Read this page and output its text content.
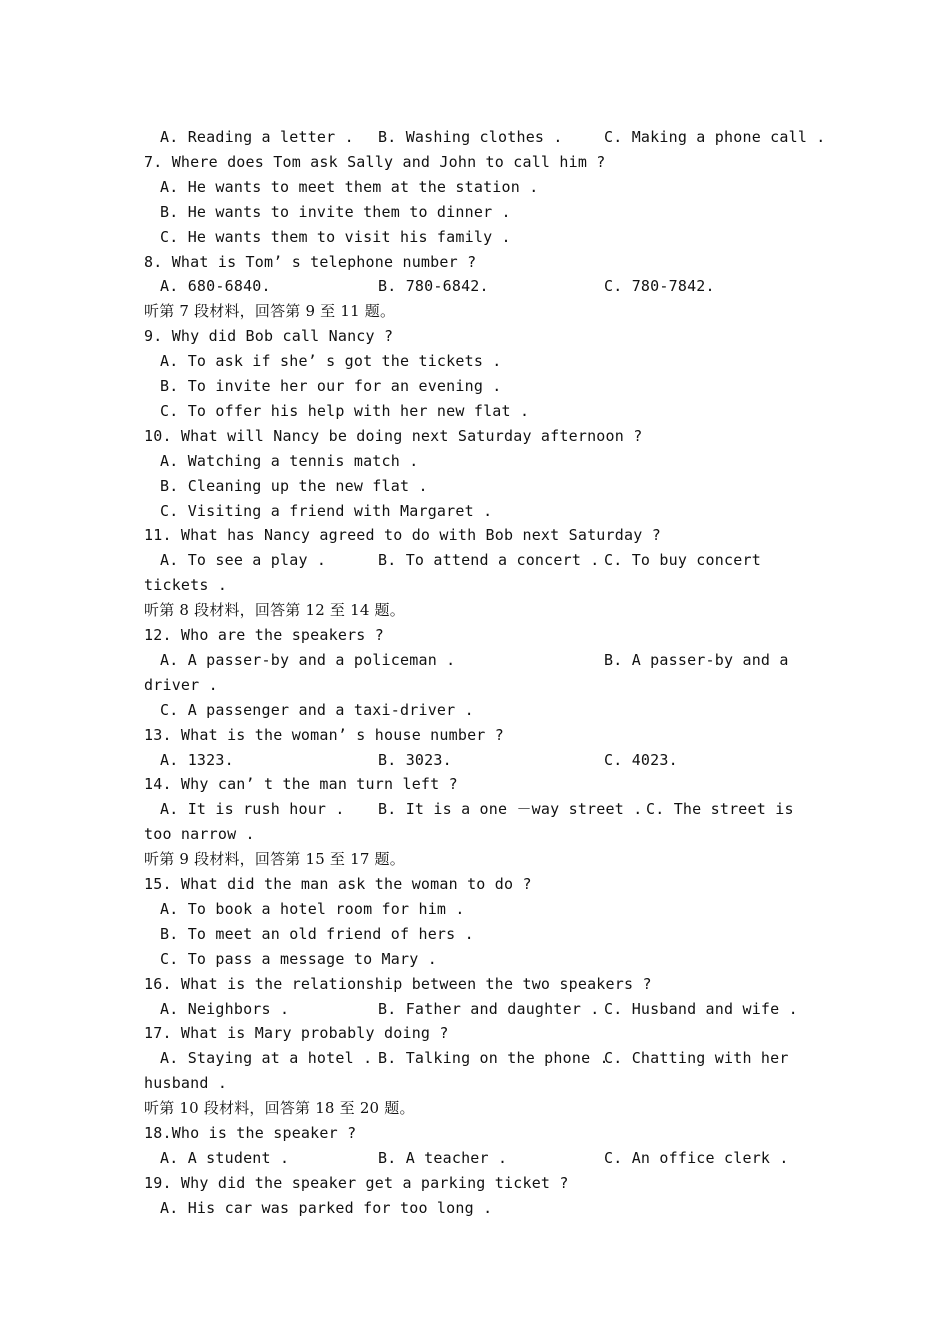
A. Reading a letter . B. Washing clothes .	C. Making a phone call .
7. Where does Tom ask Sally and John to call him ?
A. He wants to meet them at the station .
B. He wants to invite them to dinner .
C. He wants them to visit his family .
8. What is Tom’ s telephone number ?
A. 680-6840.	B. 780-6842.	C. 780-7842.
听第 7 段材料，回答第 9 至 11 题。
9. Why did Bob call Nancy ?
A. To ask if she’ s got the tickets .
B. To invite her our for an evening .
C. To offer his help with her new flat .
10. What will Nancy be doing next Saturday afternoon ?
A. Watching a tennis match .
B. Cleaning up the new flat .
C. Visiting a friend with Margaret .
11. What has Nancy agreed to do with Bob next Saturday ?
A. To see a play .	B. To attend a concert . C. To buy concert
tickets .
听第 8 段材料，回答第 12 至 14 题。
12. Who are the speakers ?
A. A passer-by and a policeman .	B. A passer-by and a
driver .
C. A passenger and a taxi-driver .
13. What is the woman’ s house number ?
A. 1323.	B. 3023.	C. 4023.
14. Why can’ t the man turn left ?
A. It is rush hour . B. It is a one －way street . C. The street is
too narrow .
听第 9 段材料，回答第 15 至 17 题。
15. What did the man ask the woman to do ?
A. To book a hotel room for him .
B. To meet an old friend of hers .
C. To pass a message to Mary .
16. What is the relationship between the two speakers ?
A. Neighbors .	B. Father and daughter . C. Husband and wife .
17. What is Mary probably doing ?
A. Staying at a hotel . B. Talking on the phone .
C. Chatting with her
husband .
听第 10 段材料，回答第 18 至 20 题。
18.Who is the speaker ?
A. A student .	B. A teacher .	C. An office clerk .
19. Why did the speaker get a parking ticket ?
A. His car was parked for too long .
